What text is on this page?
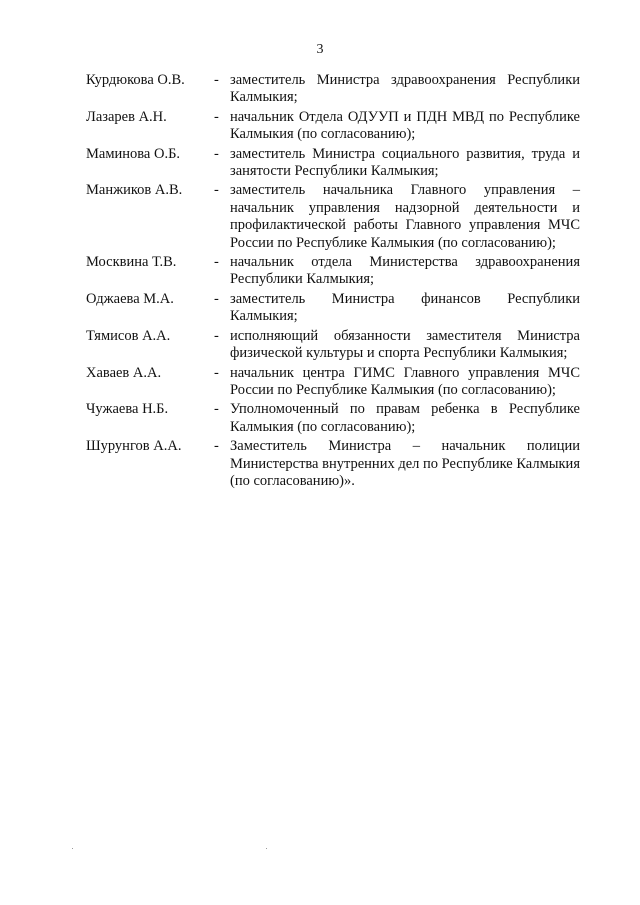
3
Курдюкова О.В.	- заместитель Министра здравоохранения Республики Калмыкия;
Лазарев А.Н.	- начальник Отдела ОДУУП и ПДН МВД по Республике Калмыкия (по согласованию);
Маминова О.Б.	- заместитель Министра социального развития, труда и занятости Республики Калмыкия;
Манжиков А.В.	- заместитель начальника Главного управления – начальник управления надзорной деятельности и профилактической работы Главного управления МЧС России по Республике Калмыкия (по согласованию);
Москвина Т.В.	- начальник отдела Министерства здравоохранения Республики Калмыкия;
Оджаева М.А.	- заместитель Министра финансов Республики Калмыкия;
Тямисов А.А.	- исполняющий обязанности заместителя Министра физической культуры и спорта Республики Калмыкия;
Хаваев А.А.	- начальник центра ГИМС Главного управления МЧС России по Республике Калмыкия (по согласованию);
Чужаева Н.Б.	- Уполномоченный по правам ребенка в Республике Калмыкия (по согласованию);
Шурунгов А.А.	- Заместитель Министра – начальник полиции Министерства внутренних дел по Республике Калмыкия (по согласованию)».
